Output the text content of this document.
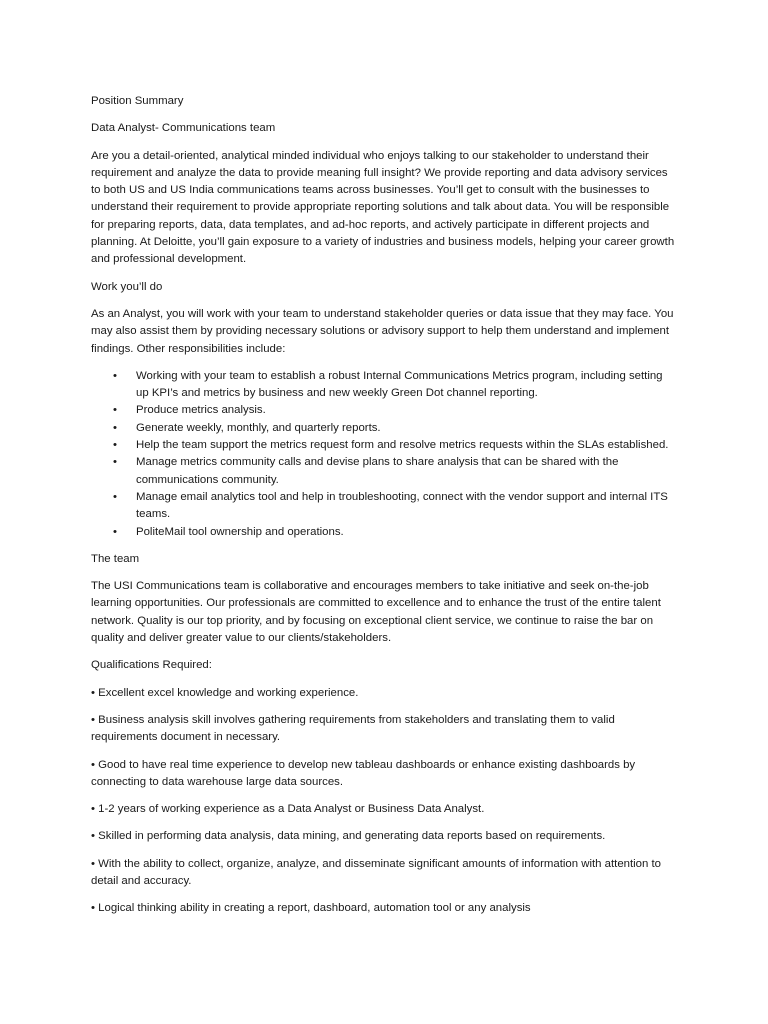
Position Summary
Data Analyst- Communications team

Are you a detail-oriented, analytical minded individual who enjoys talking to our stakeholder to understand their requirement and analyze the data to provide meaning full insight? We provide reporting and data advisory services to both US and US India communications teams across businesses. You’ll get to consult with the businesses to understand their requirement to provide appropriate reporting solutions and talk about data. You will be responsible for preparing reports, data, data templates, and ad-hoc reports, and actively participate in different projects and planning. At Deloitte, you’ll gain exposure to a variety of industries and business models, helping your career growth and professional development.

Work you’ll do

As an Analyst, you will work with your team to understand stakeholder queries or data issue that they may face. You may also assist them by providing necessary solutions or advisory support to help them understand and implement findings. Other responsibilities include:

• Working with your team to establish a robust Internal Communications Metrics program, including setting up KPI’s and metrics by business and new weekly Green Dot channel reporting.
• Produce metrics analysis.
• Generate weekly, monthly, and quarterly reports.
• Help the team support the metrics request form and resolve metrics requests within the SLAs established.
• Manage metrics community calls and devise plans to share analysis that can be shared with the communications community.
• Manage email analytics tool and help in troubleshooting, connect with the vendor support and internal ITS teams.
• PoliteMail tool ownership and operations.
The team

The USI Communications team is collaborative and encourages members to take initiative and seek on-the-job learning opportunities. Our professionals are committed to excellence and to enhance the trust of the entire talent network. Quality is our top priority, and by focusing on exceptional client service, we continue to raise the bar on quality and deliver greater value to our clients/stakeholders.

Qualifications Required:

• Excellent excel knowledge and working experience.

• Business analysis skill involves gathering requirements from stakeholders and translating them to valid requirements document in necessary.

• Good to have real time experience to develop new tableau dashboards or enhance existing dashboards by connecting to data warehouse large data sources.

• 1-2 years of working experience as a Data Analyst or Business Data Analyst.

• Skilled in performing data analysis, data mining, and generating data reports based on requirements.

• With the ability to collect, organize, analyze, and disseminate significant amounts of information with attention to detail and accuracy.

• Logical thinking ability in creating a report, dashboard, automation tool or any analysis
